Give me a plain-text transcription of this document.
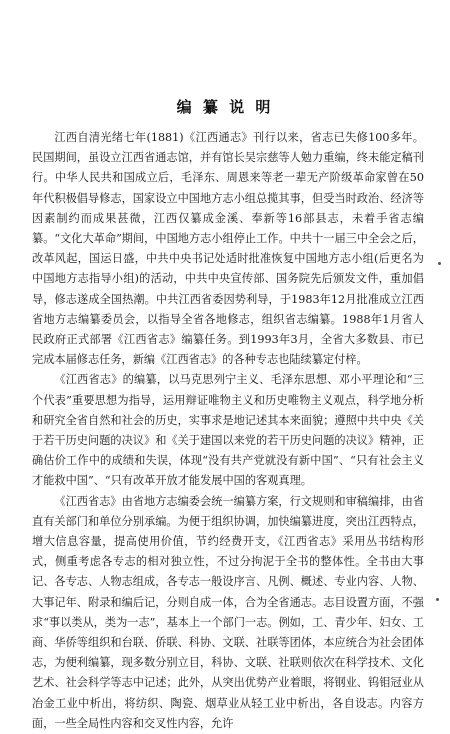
编 纂 说 明

江西自清光绪七年(1881)《江西通志》刊行以来，省志已失修100多年。民国期间，虽设立江西省通志馆，并有馆长吴宗慈等人勉力重编，终未能定稿刊行。中华人民共和国成立后，毛泽东、周恩来等老一辈无产阶级革命家曾在50年代积极倡导修志，国家设立中国地方志小组总揽其事，但受当时政治、经济等因素制约而成果甚微，江西仅纂成金溪、奉新等16部县志，未着手省志编纂。“文化大革命”期间，中国地方志小组停止工作。中共十一届三中全会之后，改革风起，国运日盛，中共中央书记处适时批准恢复中国地方志小组(后更名为中国地方志指导小组)的活动，中共中央宣传部、国务院先后颁发文件，重加倡导，修志遂成全国热潮。中共江西省委因势利导，于1983年12月批准成立江西省地方志编纂委员会，以指导全省各地修志，组织省志编纂。1988年1月省人民政府正式部署《江西省志》编纂任务。到1993年3月，全省大多数县、市已完成本届修志任务，新编《江西省志》的各种专志也陆续纂定付梓。

《江西省志》的编纂，以马克思列宁主义、毛泽东思想、邓小平理论和“三个代表”重要思想为指导，运用辩证唯物主义和历史唯物主义观点，科学地分析和研究全省自然和社会的历史，实事求是地记述其本来面貌；遵照中共中央《关于若干历史问题的决议》和《关于建国以来党的若干历史问题的决议》精神，正确估价工作中的成绩和失误，体现“没有共产党就没有新中国”、“只有社会主义才能救中国”、“只有改革开放才能发展中国的客观真理。

《江西省志》由省地方志编委会统一编纂方案，行文规则和审稿编排，由省直有关部门和单位分别承编。为便于组织协调，加快编纂进度，突出江西特点，增大信息容量，提高使用价值，节约经费开支，《江西省志》采用丛书结构形式，侧重考虑各专志的相对独立性，不过分拘泥于全书的整体性。全书由大事记、各专志、人物志组成，各专志一般设序言、凡例、概述、专业内容、人物、大事记年、附录和编后记，分则自成一体，合为全省通志。志目设置方面，不强求“事以类从，类为一志”，基本上一个部门一志。例如，工、青少年、妇女、工商、华侨等组织和台联、侨联、科协、文联、社联等团体，本应统合为社会团体志，为便利编纂，现多数分别立目，科协、文联、社联则依次在科学技术、文化艺术、社会科学等志中记述；此外，从突出优势产业着眼，将钢业、钨钼冠业从冶金工业中析出，将纺织、陶瓷、烟草业从轻工业中析出，各自设志。内容方面，一些全局性内容和交叉性内容，允许
